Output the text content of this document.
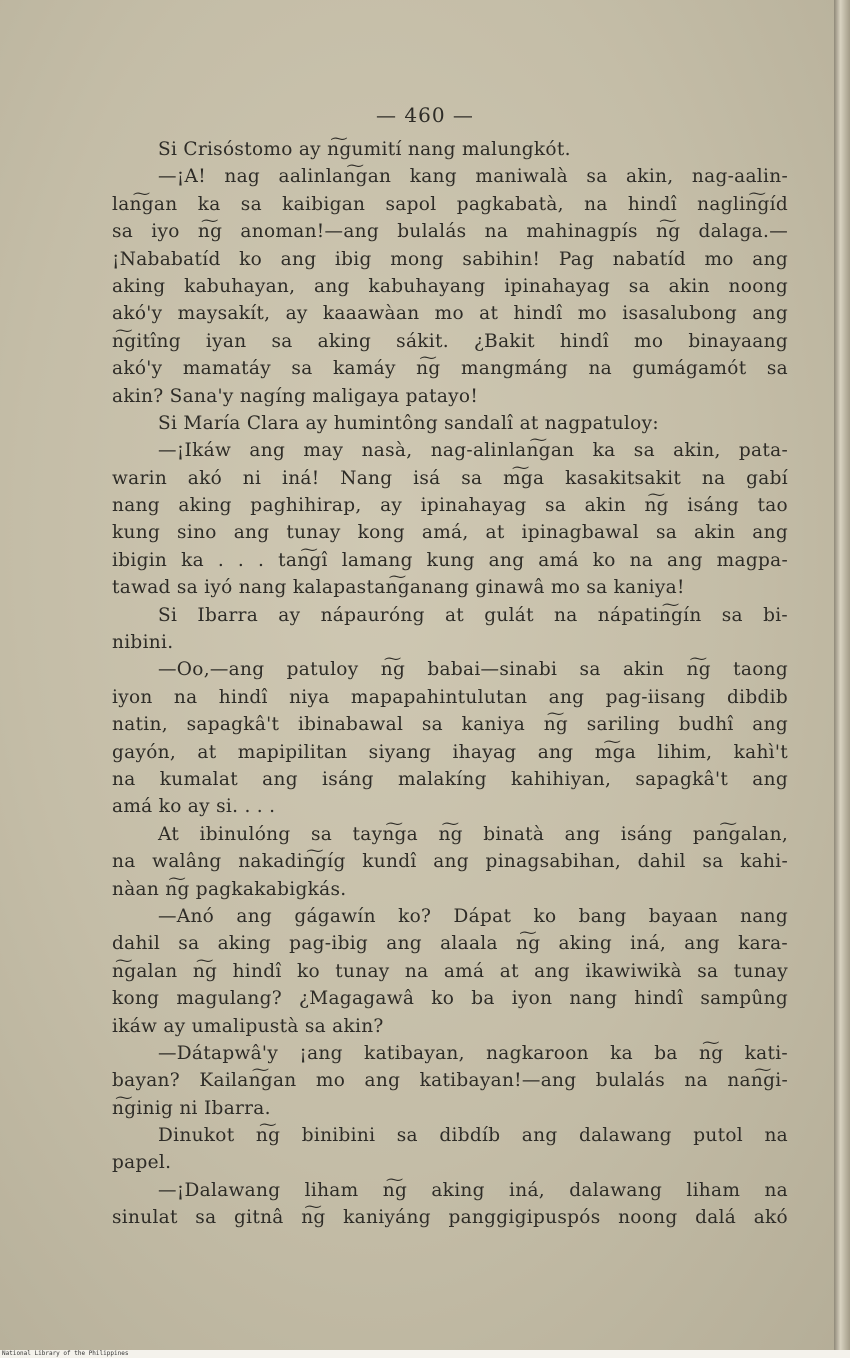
— 460 —
Si Crisóstomo ay n͠gumití nang malungkót.
—¡A! nag aalinlan͠gan kang maniwalà sa akin, nag-aalin-
lan͠gan ka sa kaibigan sapol pagkabatà, na hindî naglin͠gíd
sa iyo n͠g anoman!—ang bulalás na mahinagpís n͠g dalaga.—
¡Nababatíd ko ang ibig mong sabihin! Pag nabatíd mo ang
aking kabuhayan, ang kabuhayang ipinahayag sa akin noong
akó'y maysakít, ay kaaawàan mo at hindî mo isasalubong ang
n͠gitîng iyan sa aking sákit. ¿Bakit hindî mo binayaang
akó'y mamatáy sa kamáy n͠g mangmáng na gumágamót sa
akin? Sana'y nagíng maligaya patayo!
Si María Clara ay humintông sandalî at nagpatuloy:
—¡Ikáw ang may nasà, nag-alinlan͠gan ka sa akin, pata-
warin akó ni iná! Nang isá sa m͠ga kasakitsakit na gabí
nang aking paghihirap, ay ipinahayag sa akin n͠g isáng tao
kung sino ang tunay kong amá, at ipinagbawal sa akin ang
ibigin ka . . . tan͠gî lamang kung ang amá ko na ang magpa-
tawad sa iyó nang kalapastan͠ganang ginawâ mo sa kaniya!
Si Ibarra ay nápauróng at gulát na nápatin͠gín sa bi-
nibini.
—Oo,—ang patuloy n͠g babai—sinabi sa akin n͠g taong
iyon na hindî niya mapapahintulutan ang pag-iisang dibdib
natin, sapagkâ't ibinabawal sa kaniya n͠g sariling budhî ang
gayón, at mapipilitan siyang ihayag ang m͠ga lihim, kahì't
na kumalat ang isáng malakíng kahihiyan, sapagkâ't ang
amá ko ay si. . . .
At ibinulóng sa tayn͠ga n͠g binatà ang isáng pan͠galan,
na walâng nakadin͠gíg kundî ang pinagsabihan, dahil sa kahi-
nàan n͠g pagkakabigkás.
—Anó ang gágawín ko? Dápat ko bang bayaan nang
dahil sa aking pag-ibig ang alaala n͠g aking iná, ang kara-
n͠galan n͠g hindî ko tunay na amá at ang ikawiwikà sa tunay
kong magulang? ¿Magagawâ ko ba iyon nang hindî sampûng
ikáw ay umalipustà sa akin?
—Dátapwâ'y ¡ang katibayan, nagkaroon ka ba n͠g kati-
bayan? Kailan͠gan mo ang katibayan!—ang bulalás na nan͠gi-
n͠ginig ni Ibarra.
Dinukot n͠g binibini sa dibdíb ang dalawang putol na
papel.
—¡Dalawang liham n͠g aking iná, dalawang liham na
sinulat sa gitnâ n͠g kaniyáng panggigipuspós noong dalá akó
National Library of the Philippines
